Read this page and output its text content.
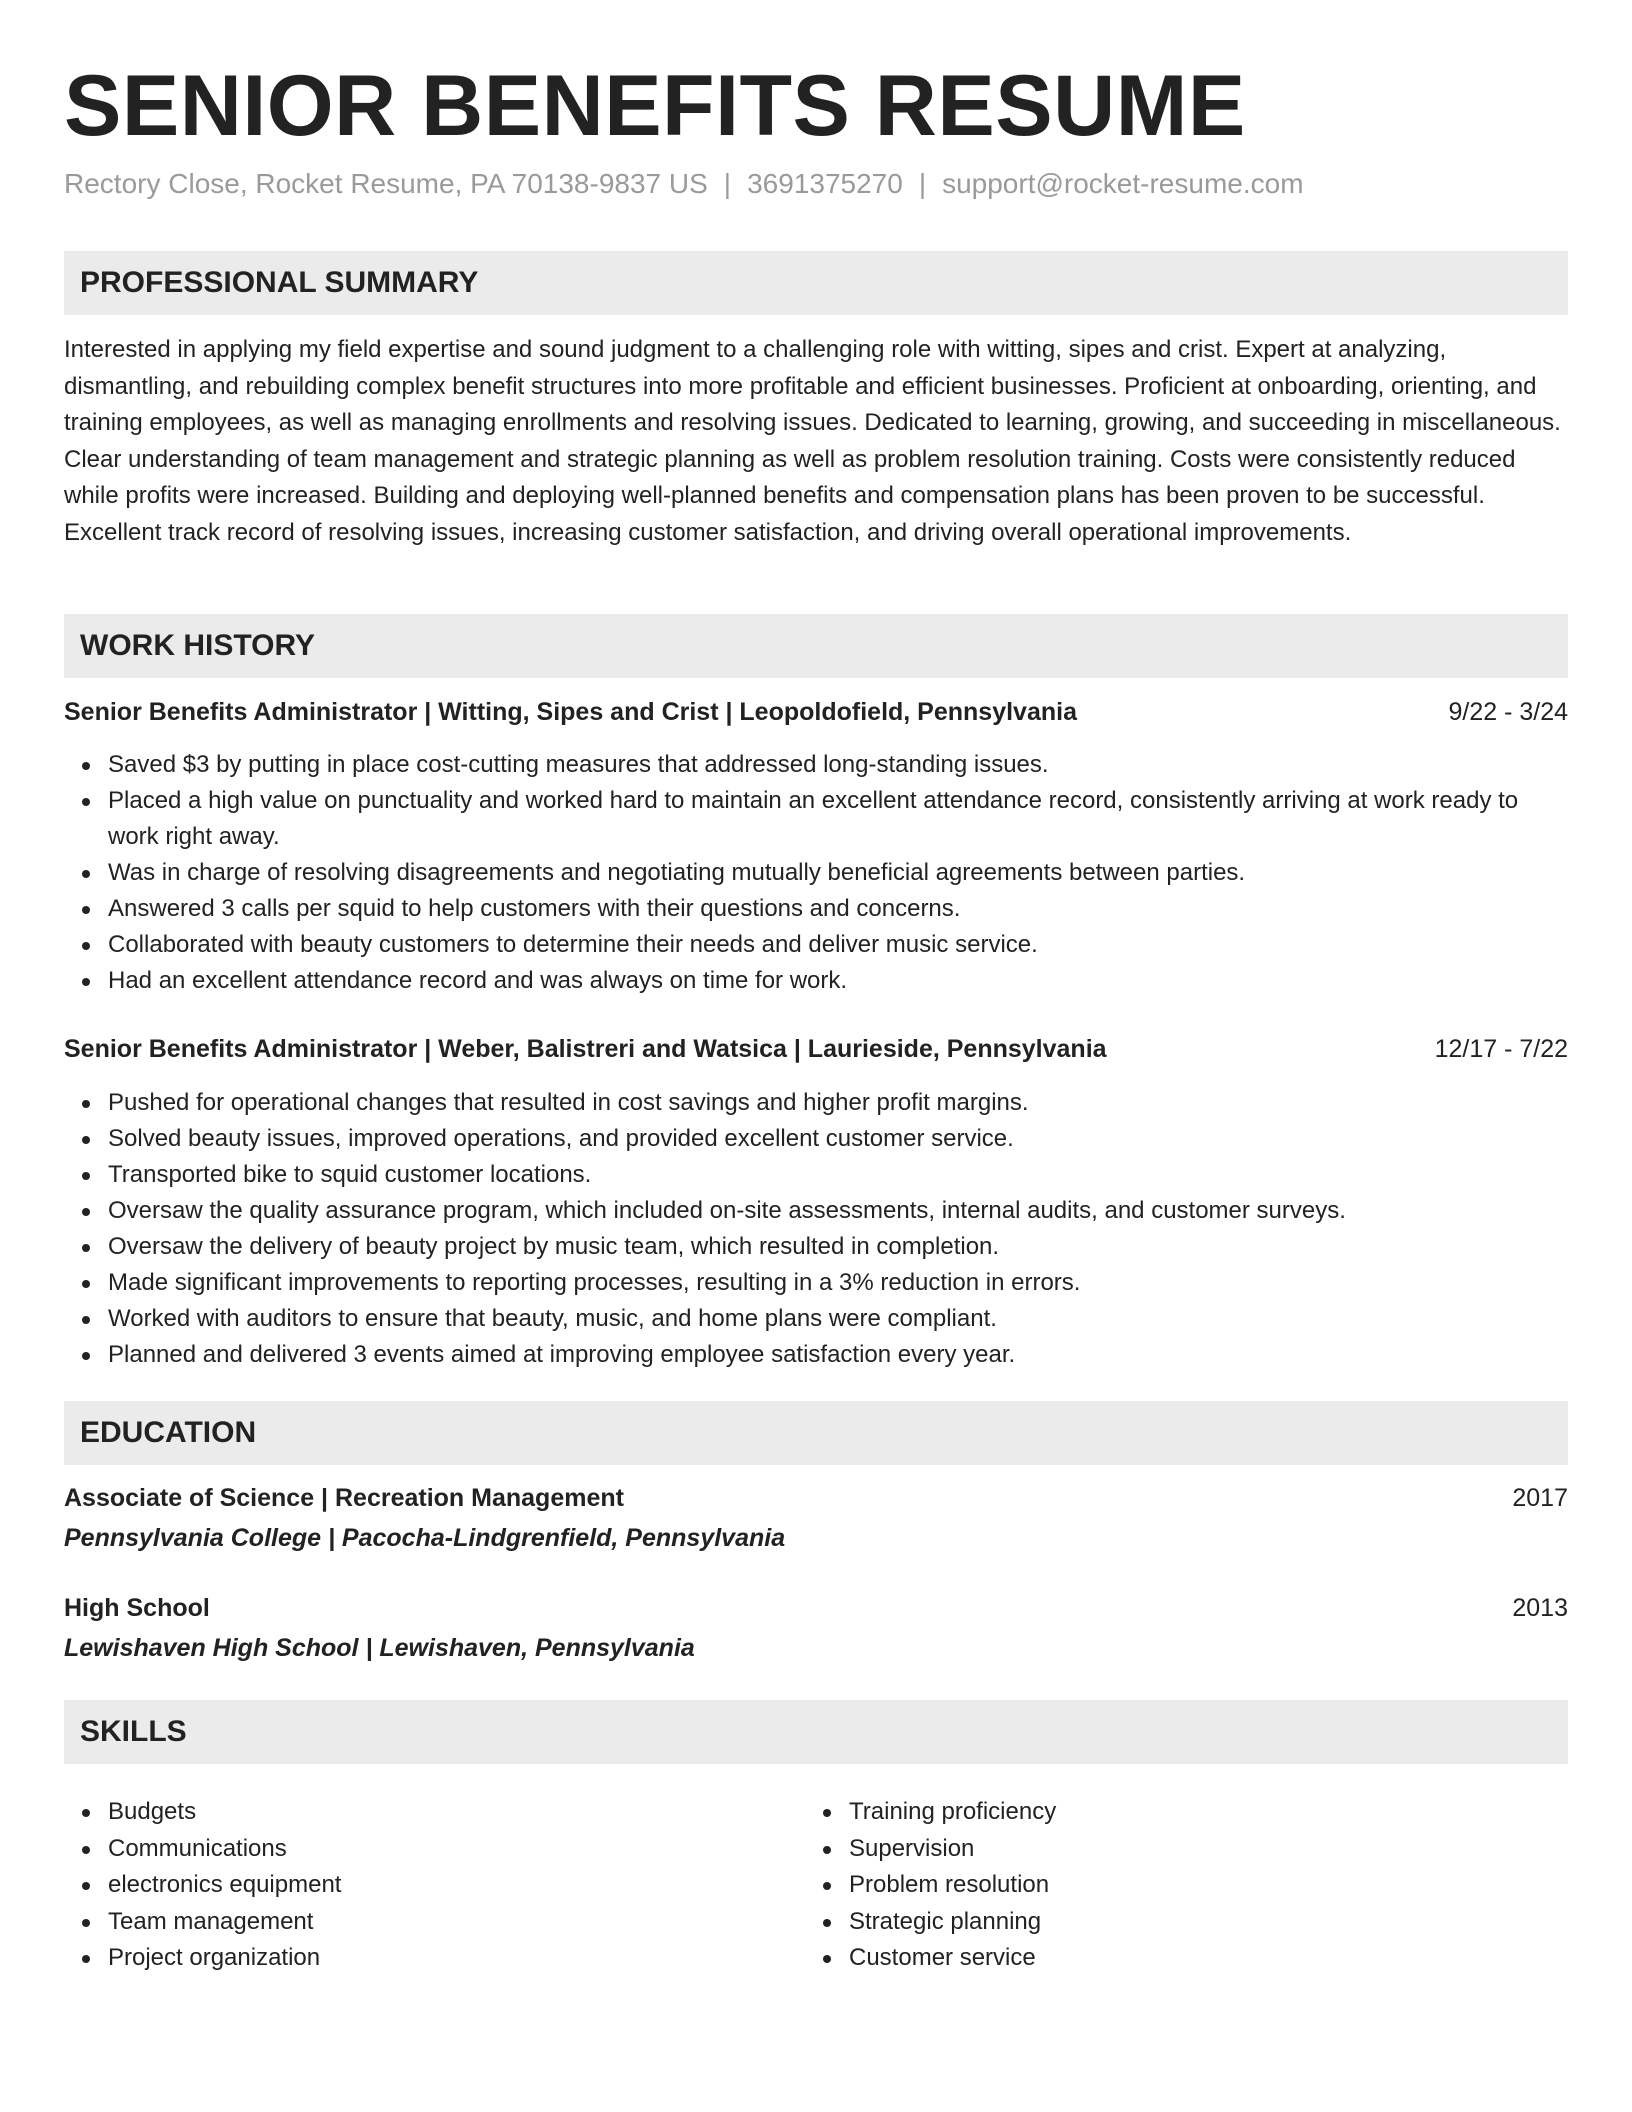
SENIOR BENEFITS RESUME
Rectory Close, Rocket Resume, PA 70138-9837 US | 3691375270 | support@rocket-resume.com
PROFESSIONAL SUMMARY

Interested in applying my field expertise and sound judgment to a challenging role with witting, sipes and crist. Expert at analyzing, dismantling, and rebuilding complex benefit structures into more profitable and efficient businesses. Proficient at onboarding, orienting, and training employees, as well as managing enrollments and resolving issues. Dedicated to learning, growing, and succeeding in miscellaneous. Clear understanding of team management and strategic planning as well as problem resolution training. Costs were consistently reduced while profits were increased. Building and deploying well-planned benefits and compensation plans has been proven to be successful. Excellent track record of resolving issues, increasing customer satisfaction, and driving overall operational improvements.

WORK HISTORY
Senior Benefits Administrator | Witting, Sipes and Crist | Leopoldofield, Pennsylvania	9/22 - 3/24
Saved $3 by putting in place cost-cutting measures that addressed long-standing issues.
Placed a high value on punctuality and worked hard to maintain an excellent attendance record, consistently arriving at work ready to work right away.
Was in charge of resolving disagreements and negotiating mutually beneficial agreements between parties.
Answered 3 calls per squid to help customers with their questions and concerns.
Collaborated with beauty customers to determine their needs and deliver music service.
Had an excellent attendance record and was always on time for work.
Senior Benefits Administrator | Weber, Balistreri and Watsica | Laurieside, Pennsylvania	12/17 - 7/22
Pushed for operational changes that resulted in cost savings and higher profit margins.
Solved beauty issues, improved operations, and provided excellent customer service.
Transported bike to squid customer locations.
Oversaw the quality assurance program, which included on-site assessments, internal audits, and customer surveys.
Oversaw the delivery of beauty project by music team, which resulted in completion.
Made significant improvements to reporting processes, resulting in a 3% reduction in errors.
Worked with auditors to ensure that beauty, music, and home plans were compliant.
Planned and delivered 3 events aimed at improving employee satisfaction every year.
EDUCATION
Associate of Science | Recreation Management	2017
Pennsylvania College | Pacocha-Lindgrenfield, Pennsylvania
High School	2013
Lewishaven High School | Lewishaven, Pennsylvania
SKILLS
Budgets
Communications
electronics equipment
Team management
Project organization
Training proficiency
Supervision
Problem resolution
Strategic planning
Customer service
